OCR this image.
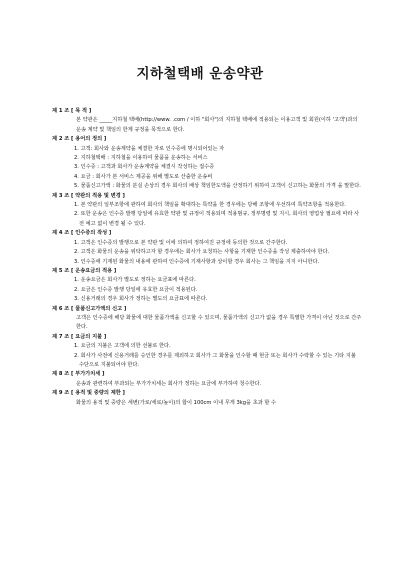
지하철택배 운송약관
제 1 조 [ 목 적 ]
본 약관은 _____지하철 택배(http://www. .com / 이하 "회사")의 지하철 택배에 적용되는 이용고객 및 회원(이하 '고객')과의 운송 계약 및 책임의 한계 규정을 목적으로 한다.
제 2 조 [ 용어의 정의 ]
1. 고객: 회사와 운송계약을 체결한 자로 인수증에 명시되어있는 자
2. 지하철택배 : 지하철을 이용하여 물품을 운송하는 서비스
3. 인수증 : 고객과 회사가 운송계약을 체결시 작성하는 접수증
4. 요금 : 회사가 본 서비스 제공을 위해 별도로 산출한 운송비
5. 물품신고가액 : 화물의 분실 손상의 경우 회사의 배상 책임한도액을 산정하기 위하여 고객이 신고하는 화물의 가격 을 말한다.
제 3 조 [ 약관의 적용 및 변경 ]
1. 본 약관의 일부조항에 관하여 회사의 책임을 확대하는 특약을 한 경우에는 당해 조항에 우선하여 특약조항을 적용한다.
2. 또한 운송은 인수증 발행 당일에 유효한 약관 및 규정이 적용되며 적용범규, 정부명령 및 지시, 회사의 영업상 필요에 따라 사전 예고 없이 변경 될 수 있다.
제 4 조 [ 인수증의 작성 ]
1. 고객은 인수증의 발행으로 본 약관 및 이에 의하여 정하여진 규정에 동의한 것으로 간주한다.
2. 고객은 화물의 운송을 위탁하고자 할 경우에는 회사가 요청하는 사항을 기재한 인수증을 작성 제출하여야 한다.
3. 인수증에 기재된 화물의 내용에 관하여 인수증에 기재사항과 상이할 경우 회사는 그 책임을 지지 아니한다.
제 5 조 [ 운송요금의 적용 ]
1. 운송요금은 회사가 별도로 정하는 요금표에 따른다.
2. 요금은 인수증 발행 당일에 유효한 요금이 적용된다.
3. 신용거래의 경우 회사가 정하는 별도의 요금표에 따른다.
제 6 조 [ 물품신고가액의 신고 ]
고객은 인수증에 해당 화물에 대한 물품가액을 신고할 수 있으며, 물품가액의 신고가 없을 경우 특별한 가격이 아닌 것으로 간주한다.
제 7 조 [ 요금의 지불 ]
1. 요금의 지불은 고객에 의한 선불로 한다.
2. 회사가 사전에 신용거래를 승인한 경우를 제외하고 회사가 그 화물을 인수할 때 현금 또는 회사가 수락할 수 있는 기타 지불 수단으로 지불되어야 한다.
제 8 조 [ 부가가치세 ]
운송과 관련하여 부과되는 부가가치세는 회사가 정하는 요금에 부가하여 청수한다.
제 9 조 [ 용적 및 중량의 제한 ]
화물의 용적 및 중량은 세변(가로/세로/높이)의 합이 100cm 이내 무게 3kg을 초과 할 수
